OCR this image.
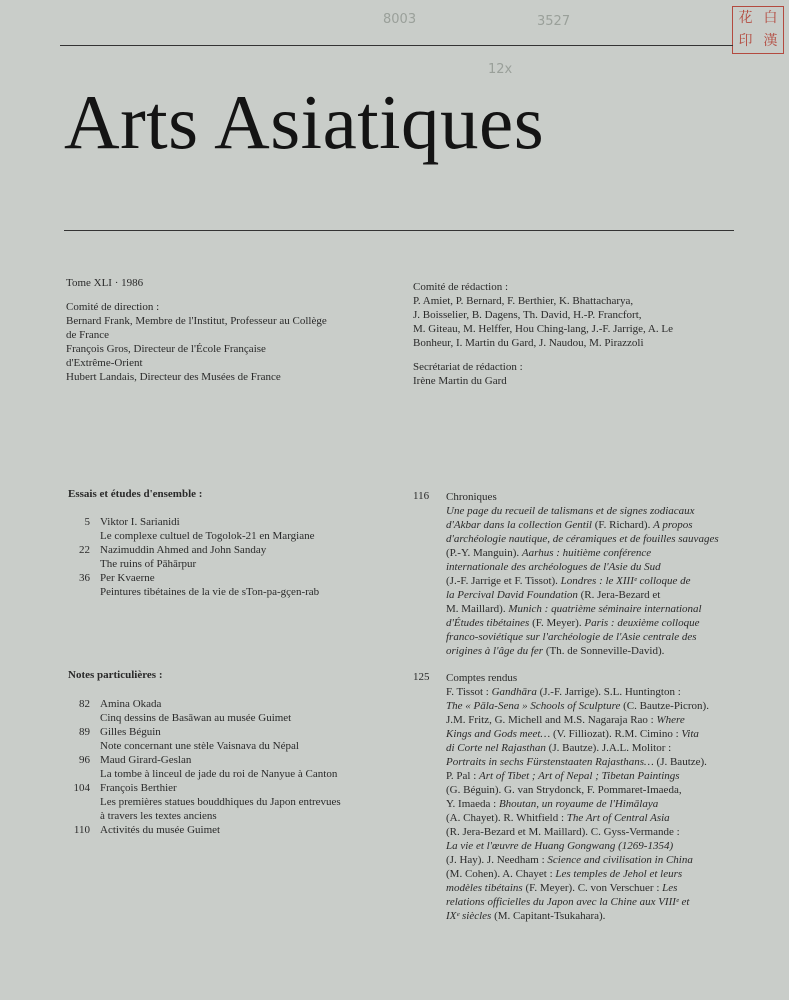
8003	3527
12x
花 白
印 漢
Arts Asiatiques

Tome XLI · 1986

Comité de direction :

Bernard Frank, Membre de l'Institut, Professeur au Collège

de France

François Gros, Directeur de l'École Française

d'Extrême-Orient

Hubert Landais, Directeur des Musées de France

Comité de rédaction :

P. Amiet, P. Bernard, F. Berthier, K. Bhattacharya,

J. Boisselier, B. Dagens, Th. David, H.-P. Francfort,

M. Giteau, M. Helffer, Hou Ching-lang, J.-F. Jarrige, A. Le

Bonheur, I. Martin du Gard, J. Naudou, M. Pirazzoli

Secrétariat de rédaction :

Irène Martin du Gard

Essais et études d'ensemble :
5 Viktor I. Sarianidi
Le complexe cultuel de Togolok-21 en Margiane
22 Nazimuddin Ahmed and John Sanday
The ruins of Pāhārpur
36 Per Kvaerne
Peintures tibétaines de la vie de sTon-pa-gçen-rab
Notes particulières :
82 Amina Okada
Cinq dessins de Basāwan au musée Guimet
89 Gilles Béguin
Note concernant une stèle Vaisnava du Népal
96 Maud Girard-Geslan
La tombe à linceul de jade du roi de Nanyue à Canton
104 François Berthier
Les premières statues bouddhiques du Japon entrevues
à travers les textes anciens
110 Activités du musée Guimet
116 Chroniques
Une page du recueil de talismans et de signes zodiacaux
d'Akbar dans la collection Gentil (F. Richard). A propos
d'archéologie nautique, de céramiques et de fouilles sauvages
(P.-Y. Manguin). Aarhus : huitième conférence
internationale des archéologues de l'Asie du Sud
(J.-F. Jarrige et F. Tissot). Londres : le XIIIᵉ colloque de
la Percival David Foundation (R. Jera-Bezard et
M. Maillard). Munich : quatrième séminaire international
d'Études tibétaines (F. Meyer). Paris : deuxième colloque
franco-soviétique sur l'archéologie de l'Asie centrale des
origines à l'âge du fer (Th. de Sonneville-David).
125 Comptes rendus
F. Tissot : Gandhāra (J.-F. Jarrige). S.L. Huntington :
The « Pāla-Sena » Schools of Sculpture (C. Bautze-Picron).
J.M. Fritz, G. Michell and M.S. Nagaraja Rao : Where
Kings and Gods meet… (V. Filliozat). R.M. Cimino : Vita
di Corte nel Rajasthan (J. Bautze). J.A.L. Molitor :
Portraits in sechs Fürstenstaaten Rajasthans… (J. Bautze).
P. Pal : Art of Tibet ; Art of Nepal ; Tibetan Paintings
(G. Béguin). G. van Strydonck, F. Pommaret-Imaeda,
Y. Imaeda : Bhoutan, un royaume de l'Himālaya
(A. Chayet). R. Whitfield : The Art of Central Asia
(R. Jera-Bezard et M. Maillard). C. Gyss-Vermande :
La vie et l'œuvre de Huang Gongwang (1269-1354)
(J. Hay). J. Needham : Science and civilisation in China
(M. Cohen). A. Chayet : Les temples de Jehol et leurs
modèles tibétains (F. Meyer). C. von Verschuer : Les
relations officielles du Japon avec la Chine aux VIIIᵉ et
IXᵉ siècles (M. Capitant-Tsukahara).
